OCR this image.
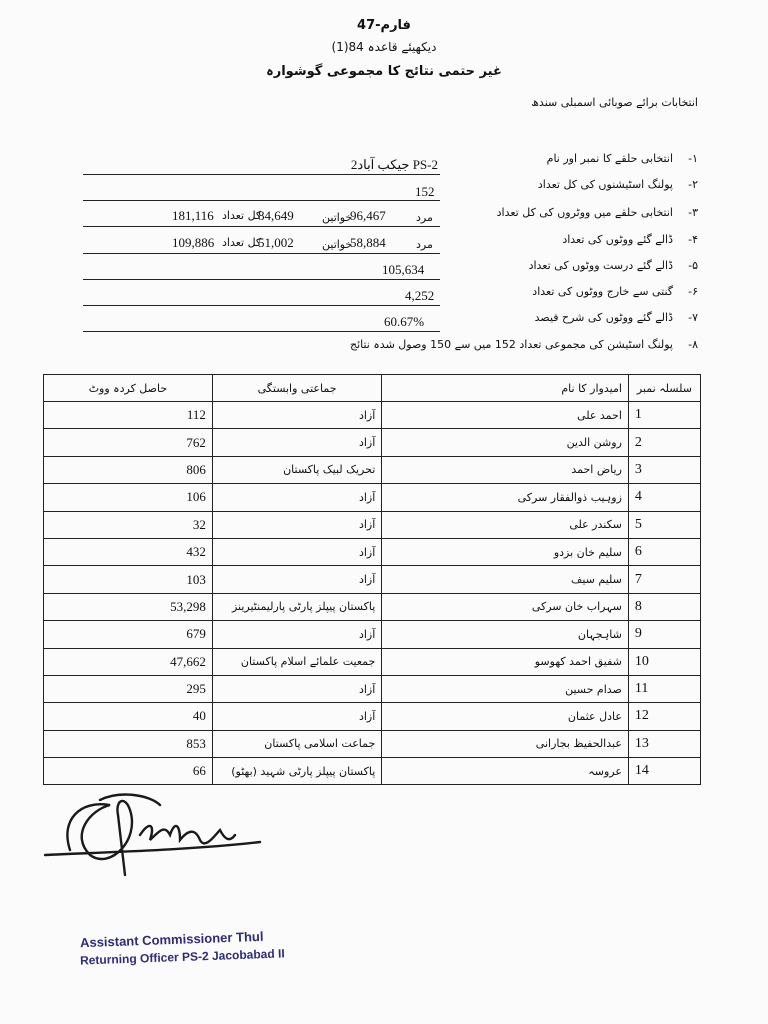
فارم-47
دیکھیئے قاعدہ 84(1)
غیر حتمی نتائج کا مجموعی گوشوارہ
انتخابات برائے صوبائی اسمبلی سندھ
۱-
انتخابی حلقے کا نمبر اور نام
PS-2 جیکب آباد2
۲-
پولنگ اسٹیشنوں کی کل تعداد
152
۳-
انتخابی حلقے میں ووٹروں کی کل تعداد
مرد
96,467
خواتین
84,649
کل تعداد
181,116
۴-
ڈالے گئے ووٹوں کی تعداد
مرد
58,884
خواتین
51,002
کل تعداد
109,886
۵-
ڈالے گئے درست ووٹوں کی تعداد
105,634
۶-
گنتی سے خارج ووٹوں کی تعداد
4,252
۷-
ڈالے گئے ووٹوں کی شرح فیصد
60.67%
۸-
پولنگ اسٹیشن کی مجموعی تعداد 152 میں سے 150 وصول شدہ نتائج
حاصل کردہ ووٹ	جماعتی وابستگی	امیدوار کا نام	سلسلہ نمبر
112	آزاد	احمد علی	1
762	آزاد	روشن الدین	2
806	تحریک لبیک پاکستان	ریاض احمد	3
106	آزاد	زوہیب ذوالفقار سرکی	4
32	آزاد	سکندر علی	5
432	آزاد	سلیم خان بزدو	6
103	آزاد	سلیم سیف	7
53,298	پاکستان پیپلز پارٹی پارلیمنٹیرینز	سہراب خان سرکی	8
679	آزاد	شاہجہان	9
47,662	جمعیت علمائے اسلام پاکستان	شفیق احمد کھوسو	10
295	آزاد	صدام حسین	11
40	آزاد	عادل عثمان	12
853	جماعت اسلامی پاکستان	عبدالحفیظ بجارانی	13
66	پاکستان پیپلز پارٹی شہید (بھٹو)	عروسہ	14
Assistant Commissioner Thul
Returning Officer PS-2 Jacobabad II
